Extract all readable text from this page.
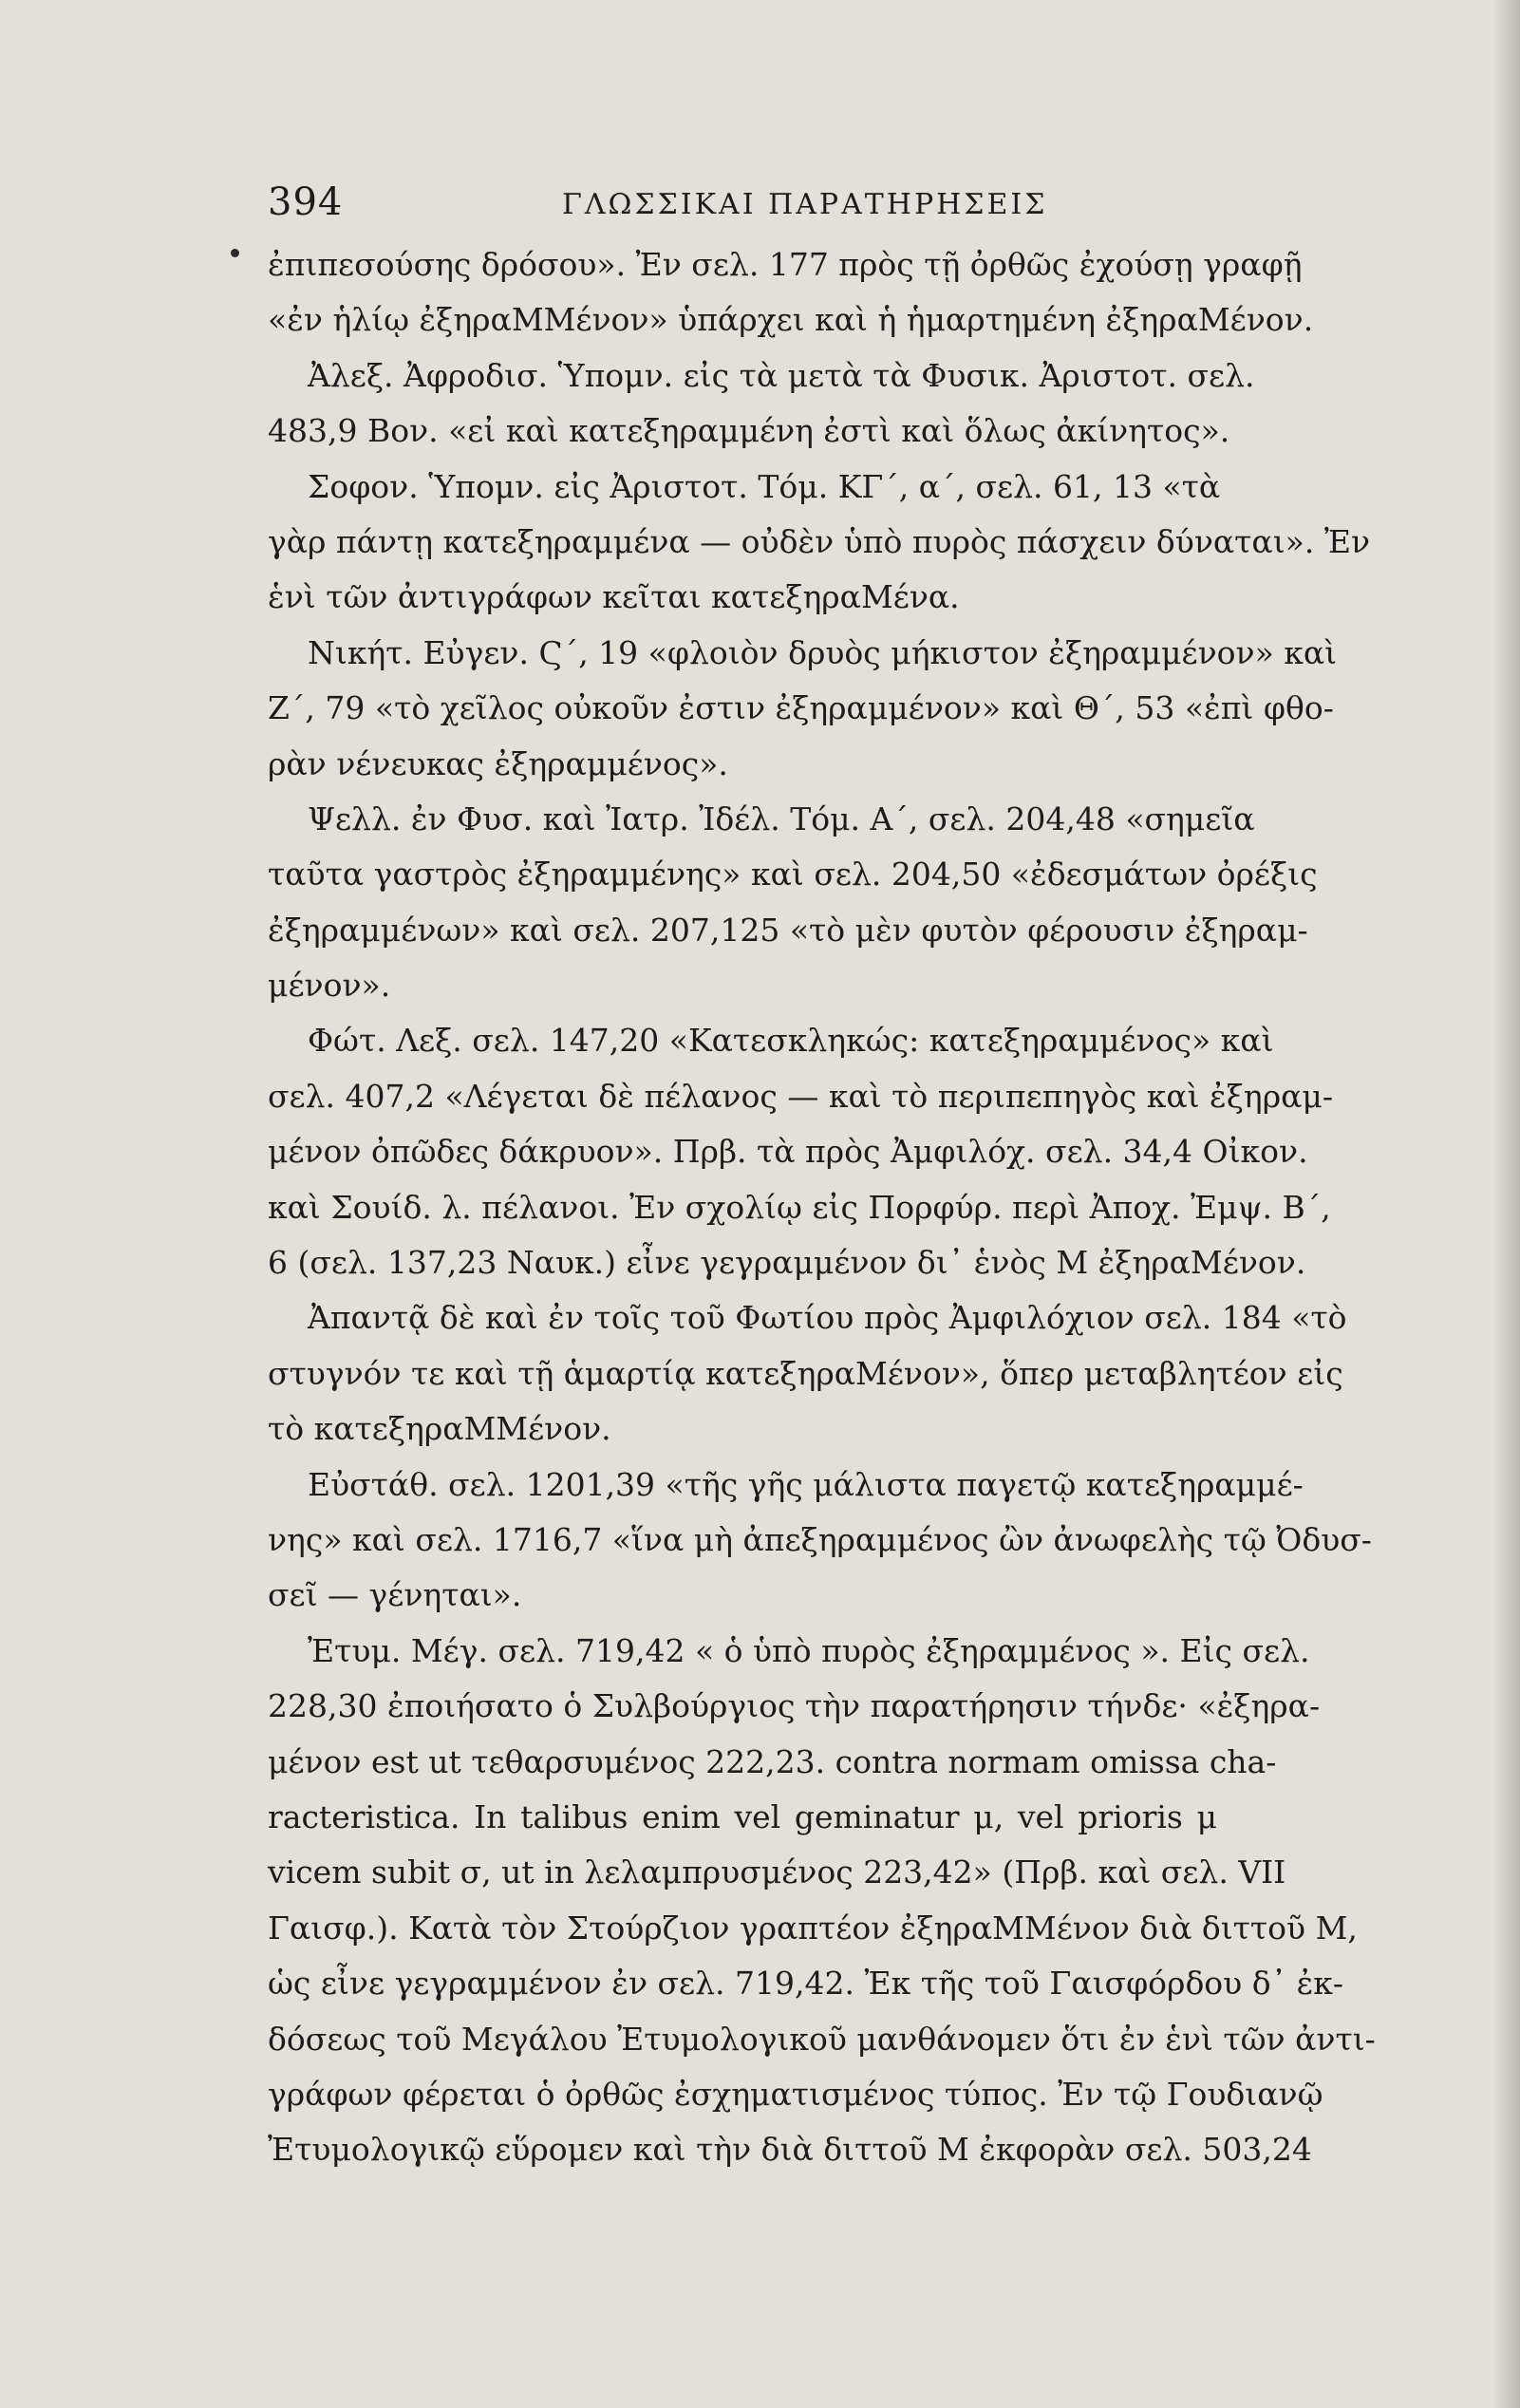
394	ΓΛΩΣΣΙΚΑΙ ΠΑΡΑΤΗΡΗΣΕΙΣ
ἐπιπεσούσης δρόσου». Ἐν σελ. 177 πρὸς τῇ ὀρθῶς ἐχούσῃ γραφῇ
«ἐν ἡλίῳ ἐξηραΜΜένον» ὑπάρχει καὶ ἡ ἡμαρτημένη ἐξηραΜένον.
Ἀλεξ. Ἀφροδισ. Ὑπομν. εἰς τὰ μετὰ τὰ Φυσικ. Ἀριστοτ. σελ.
483,9 Βον. «εἰ καὶ κατεξηραμμένη ἐστὶ καὶ ὅλως ἀκίνητος».
Σοφον. Ὑπομν. εἰς Ἀριστοτ. Τόμ. ΚΓ΄, α΄, σελ. 61, 13 «τὰ
γὰρ πάντῃ κατεξηραμμένα — οὐδὲν ὑπὸ πυρὸς πάσχειν δύναται». Ἐν
ἑνὶ τῶν ἀντιγράφων κεῖται κατεξηραΜένα.
Νικήτ. Εὐγεν. Ϛ΄, 19 «φλοιὸν δρυὸς μήκιστον ἐξηραμμένον» καὶ
Ζ΄, 79 «τὸ χεῖλος οὐκοῦν ἐστιν ἐξηραμμένον» καὶ Θ΄, 53 «ἐπὶ φθο-
ρὰν νένευκας ἐξηραμμένος».
Ψελλ. ἐν Φυσ. καὶ Ἰατρ. Ἰδέλ. Τόμ. Α΄, σελ. 204,48 «σημεῖα
ταῦτα γαστρὸς ἐξηραμμένης» καὶ σελ. 204,50 «ἐδεσμάτων ὀρέξις
ἐξηραμμένων» καὶ σελ. 207,125 «τὸ μὲν φυτὸν φέρουσιν ἐξηραμ-
μένον».
Φώτ. Λεξ. σελ. 147,20 «Κατεσκληκώς: κατεξηραμμένος» καὶ
σελ. 407,2 «Λέγεται δὲ πέλανος — καὶ τὸ περιπεπηγὸς καὶ ἐξηραμ-
μένον ὀπῶδες δάκρυον». Πρβ. τὰ πρὸς Ἀμφιλόχ. σελ. 34,4 Οἰκον.
καὶ Σουίδ. λ. πέλανοι. Ἐν σχολίῳ εἰς Πορφύρ. περὶ Ἀποχ. Ἐμψ. Β΄,
6 (σελ. 137,23 Ναυκ.) εἶνε γεγραμμένον δι᾽ ἑνὸς Μ ἐξηραΜένον.
Ἀπαντᾷ δὲ καὶ ἐν τοῖς τοῦ Φωτίου πρὸς Ἀμφιλόχιον σελ. 184 «τὸ
στυγνόν τε καὶ τῇ ἁμαρτίᾳ κατεξηραΜένον», ὅπερ μεταβλητέον εἰς
τὸ κατεξηραΜΜένον.
Εὐστάθ. σελ. 1201,39 «τῆς γῆς μάλιστα παγετῷ κατεξηραμμέ-
νης» καὶ σελ. 1716,7 «ἵνα μὴ ἀπεξηραμμένος ὢν ἀνωφελὴς τῷ Ὀδυσ-
σεῖ — γένηται».
Ἐτυμ. Μέγ. σελ. 719,42 « ὁ ὑπὸ πυρὸς ἐξηραμμένος ». Εἰς σελ.
228,30 ἐποιήσατο ὁ Συλβούργιος τὴν παρατήρησιν τήνδε· «ἐξηρα-
μένον est ut τεθαρσυμένος 222,23. contra normam omissa cha-
racteristica. In talibus enim vel geminatur μ, vel prioris μ
vicem subit σ, ut in λελαμπρυσμένος 223,42» (Πρβ. καὶ σελ. VII
Γαισφ.). Κατὰ τὸν Στούρζιον γραπτέον ἐξηραΜΜένον διὰ διττοῦ Μ,
ὡς εἶνε γεγραμμένον ἐν σελ. 719,42. Ἐκ τῆς τοῦ Γαισφόρδου δ᾽ ἐκ-
δόσεως τοῦ Μεγάλου Ἐτυμολογικοῦ μανθάνομεν ὅτι ἐν ἑνὶ τῶν ἀντι-
γράφων φέρεται ὁ ὀρθῶς ἐσχηματισμένος τύπος. Ἐν τῷ Γουδιανῷ
Ἐτυμολογικῷ εὕρομεν καὶ τὴν διὰ διττοῦ Μ ἐκφορὰν σελ. 503,24
